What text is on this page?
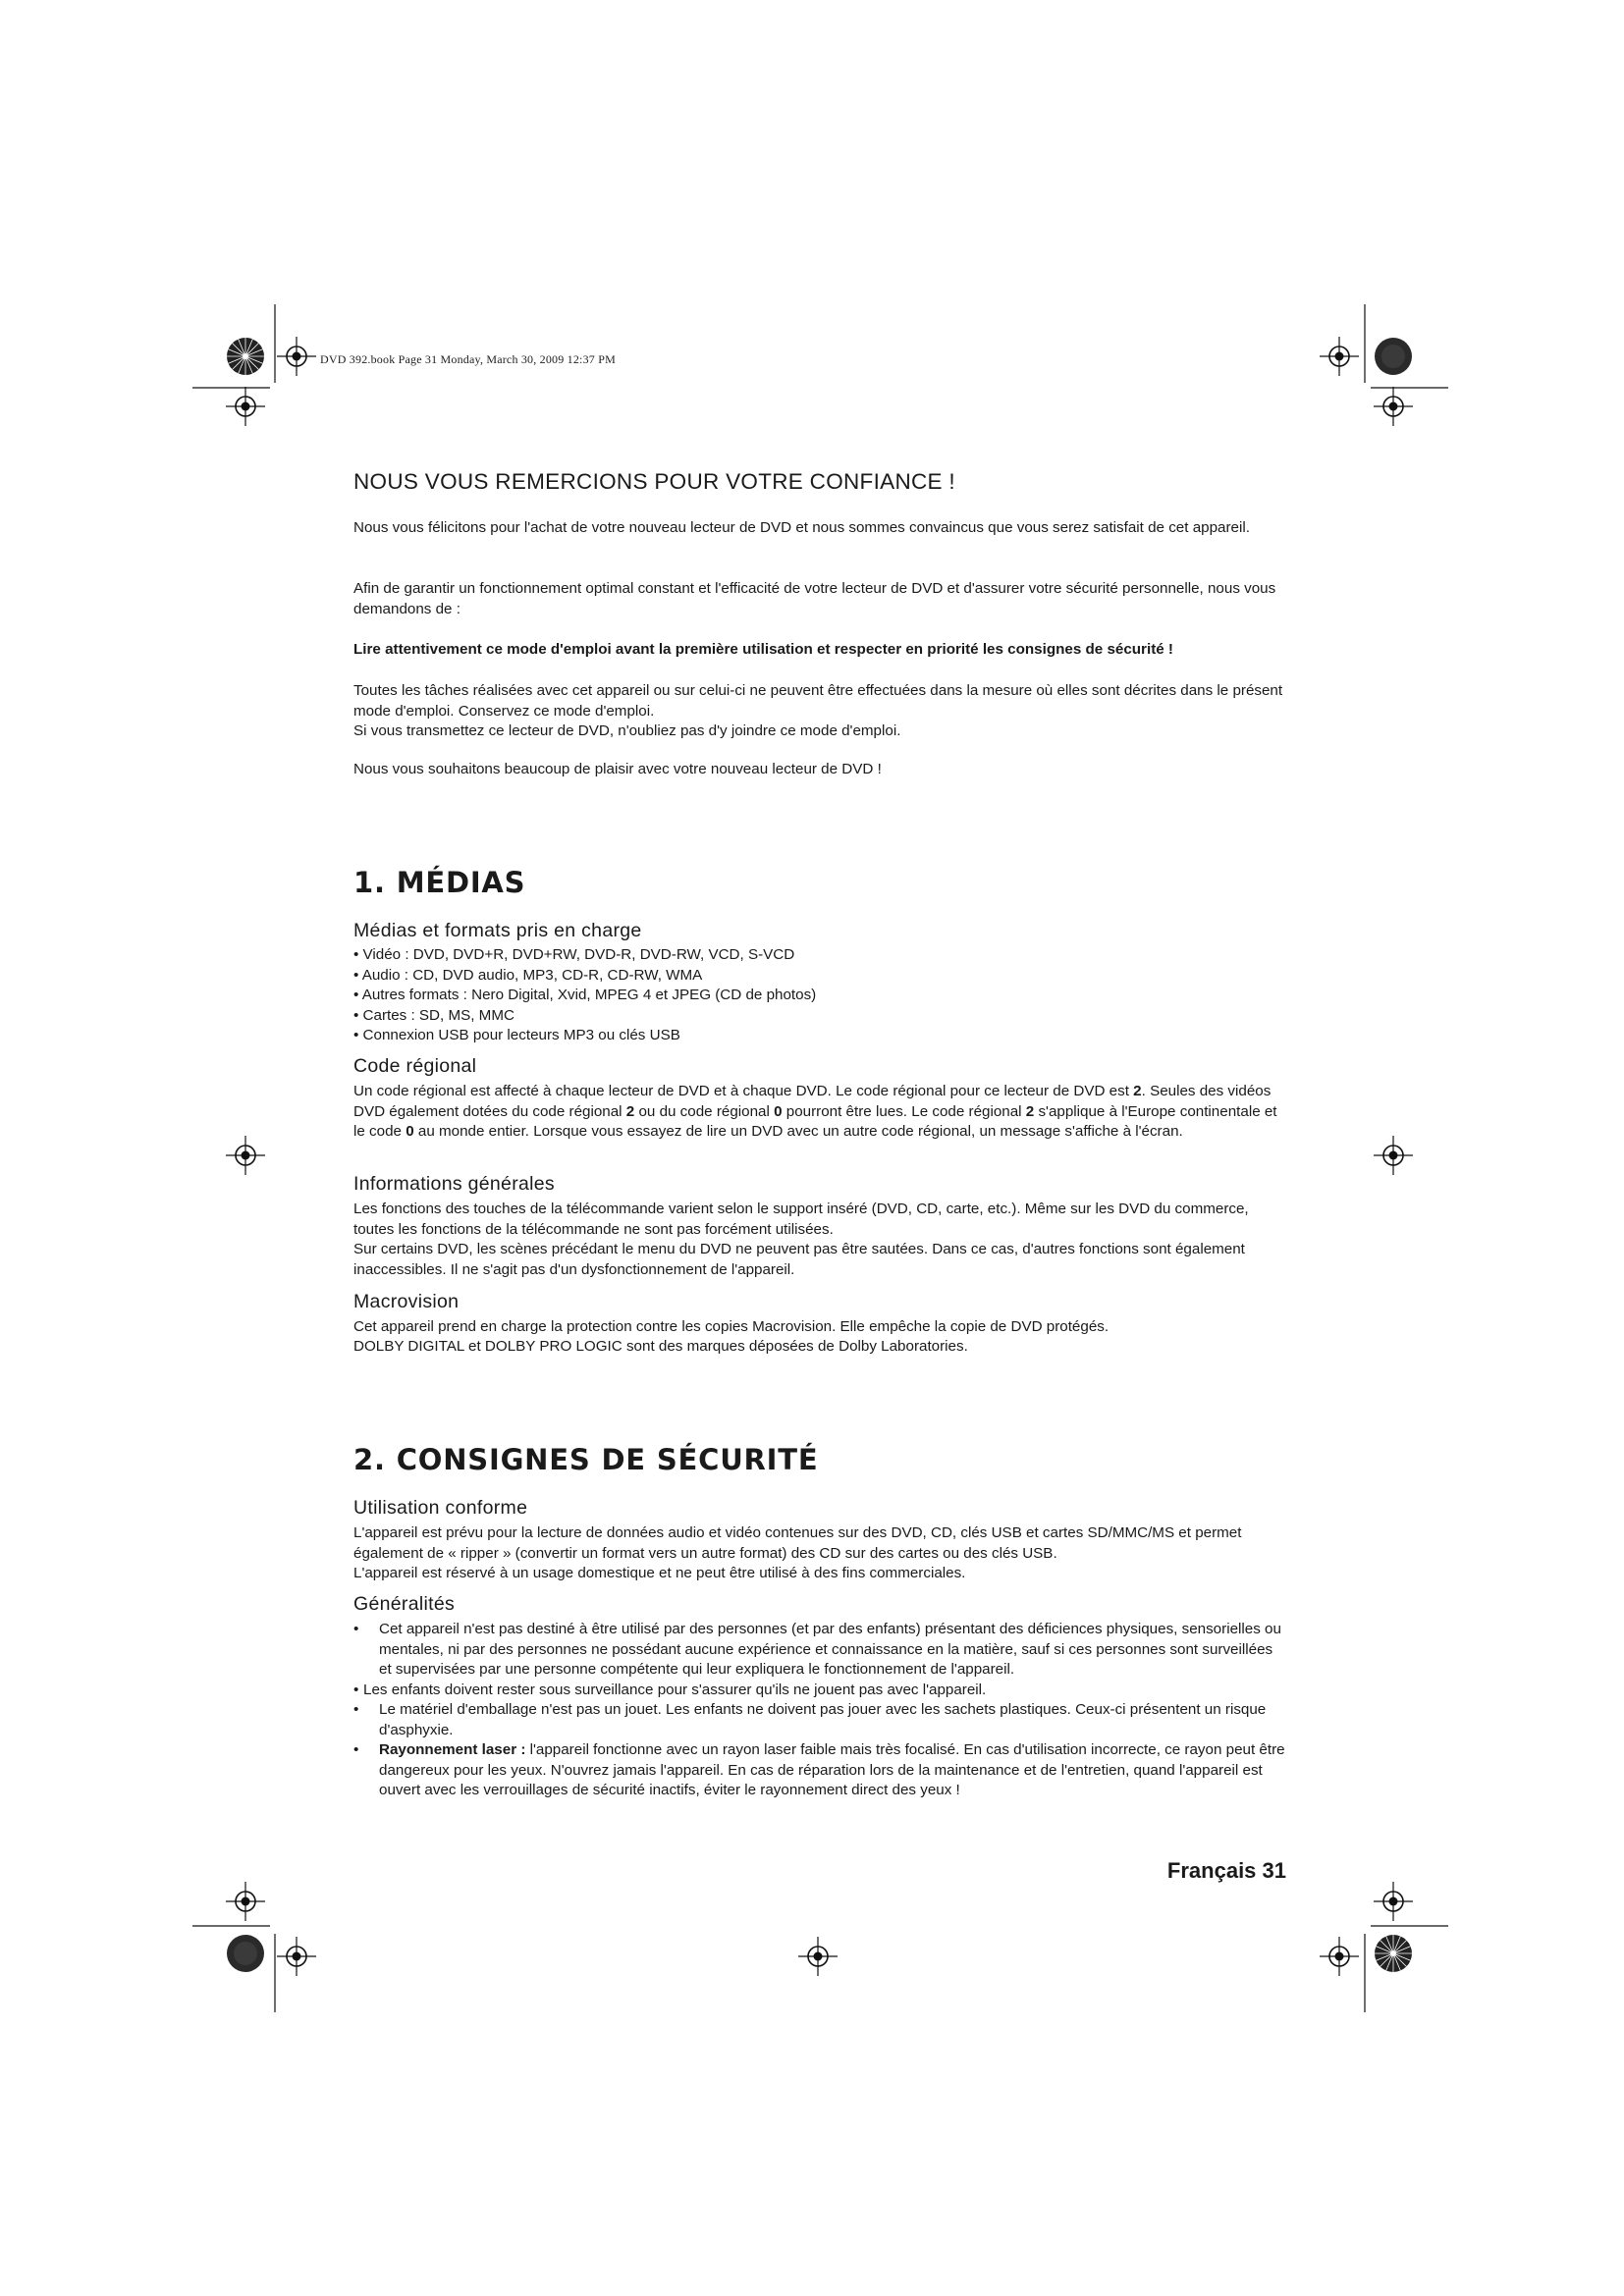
DVD 392.book Page 31 Monday, March 30, 2009 12:37 PM
NOUS VOUS REMERCIONS POUR VOTRE CONFIANCE !

Nous vous félicitons pour l'achat de votre nouveau lecteur de DVD et nous sommes convaincus que vous serez satisfait de cet appareil.

Afin de garantir un fonctionnement optimal constant et l'efficacité de votre lecteur de DVD et d'assurer votre sécurité personnelle, nous vous demandons de :

Lire attentivement ce mode d'emploi avant la première utilisation et respecter en priorité les consignes de sécurité !

Toutes les tâches réalisées avec cet appareil ou sur celui-ci ne peuvent être effectuées dans la mesure où elles sont décrites dans le présent mode d'emploi. Conservez ce mode d'emploi.
Si vous transmettez ce lecteur de DVD, n'oubliez pas d'y joindre ce mode d'emploi.

Nous vous souhaitons beaucoup de plaisir avec votre nouveau lecteur de DVD !

1. MÉDIAS
Médias et formats pris en charge
• Vidéo : DVD, DVD+R, DVD+RW, DVD-R, DVD-RW, VCD, S-VCD
• Audio : CD, DVD audio, MP3, CD-R, CD-RW, WMA
• Autres formats : Nero Digital, Xvid, MPEG 4 et JPEG (CD de photos)
• Cartes : SD, MS, MMC
• Connexion USB pour lecteurs MP3 ou clés USB
Code régional

Un code régional est affecté à chaque lecteur de DVD et à chaque DVD. Le code régional pour ce lecteur de DVD est 2. Seules des vidéos DVD également dotées du code régional 2 ou du code régional 0 pourront être lues. Le code régional 2 s'applique à l'Europe continentale et le code 0 au monde entier. Lorsque vous essayez de lire un DVD avec un autre code régional, un message s'affiche à l'écran.

Informations générales

Les fonctions des touches de la télécommande varient selon le support inséré (DVD, CD, carte, etc.). Même sur les DVD du commerce, toutes les fonctions de la télécommande ne sont pas forcément utilisées.

Sur certains DVD, les scènes précédant le menu du DVD ne peuvent pas être sautées. Dans ce cas, d'autres fonctions sont également inaccessibles. Il ne s'agit pas d'un dysfonctionnement de l'appareil.

Macrovision

Cet appareil prend en charge la protection contre les copies Macrovision. Elle empêche la copie de DVD protégés.

DOLBY DIGITAL et DOLBY PRO LOGIC sont des marques déposées de Dolby Laboratories.

2. CONSIGNES DE SÉCURITÉ
Utilisation conforme

L'appareil est prévu pour la lecture de données audio et vidéo contenues sur des DVD, CD, clés USB et cartes SD/MMC/MS et permet également de « ripper » (convertir un format vers un autre format) des CD sur des cartes ou des clés USB.

L'appareil est réservé à un usage domestique et ne peut être utilisé à des fins commerciales.

Généralités
• Cet appareil n'est pas destiné à être utilisé par des personnes (et par des enfants) présentant des déficiences physiques, sensorielles ou mentales, ni par des personnes ne possédant aucune expérience et connaissance en la matière, sauf si ces personnes sont surveillées et supervisées par une personne compétente qui leur expliquera le fonctionnement de l'appareil.
• Les enfants doivent rester sous surveillance pour s'assurer qu'ils ne jouent pas avec l'appareil.
• Le matériel d'emballage n'est pas un jouet. Les enfants ne doivent pas jouer avec les sachets plastiques. Ceux-ci présentent un risque d'asphyxie.
• Rayonnement laser : l'appareil fonctionne avec un rayon laser faible mais très focalisé. En cas d'utilisation incorrecte, ce rayon peut être dangereux pour les yeux. N'ouvrez jamais l'appareil. En cas de réparation lors de la maintenance et de l'entretien, quand l'appareil est ouvert avec les verrouillages de sécurité inactifs, éviter le rayonnement direct des yeux !
Français 31
